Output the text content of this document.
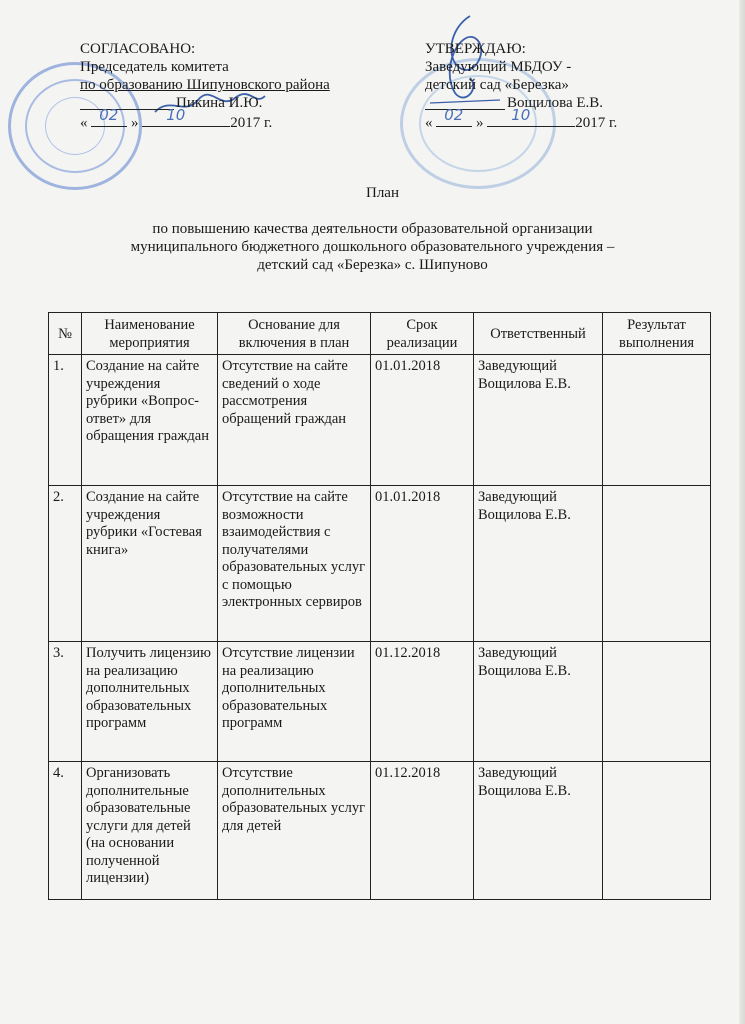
СОГЛАСОВАНО:
Председатель комитета
по образованию Шипуновского района
Пикина И.Ю.
« 02 » 10	2017 г.
УТВЕРЖДАЮ:
Заведующий МБДОУ -
детский сад «Березка»
Вощилова Е.В.
« 02 » 10	2017 г.
План
по повышению качества деятельности образовательной организации
муниципального бюджетного дошкольного образовательного учреждения –
детский сад «Березка» с. Шипуново
№	Наименование мероприятия	Основание для включения в план	Срок реализации	Ответственный	Результат выполнения
1.	Создание на сайте учреждения рубрики «Вопрос-ответ» для обращения граждан	Отсутствие на сайте сведений о ходе рассмотрения обращений граждан	01.01.2018	Заведующий Вощилова Е.В.	
2.	Создание на сайте учреждения рубрики «Гостевая книга»	Отсутствие на сайте возможности взаимодействия с получателями образовательных услуг с помощью электронных сервиров	01.01.2018	Заведующий Вощилова Е.В.	
3.	Получить лицензию на реализацию дополнительных образовательных программ	Отсутствие лицензии на реализацию дополнительных образовательных программ	01.12.2018	Заведующий Вощилова Е.В.	
4.	Организовать дополнительные образовательные услуги для детей (на основании полученной лицензии)	Отсутствие дополнительных образовательных услуг для детей	01.12.2018	Заведующий Вощилова Е.В.	
